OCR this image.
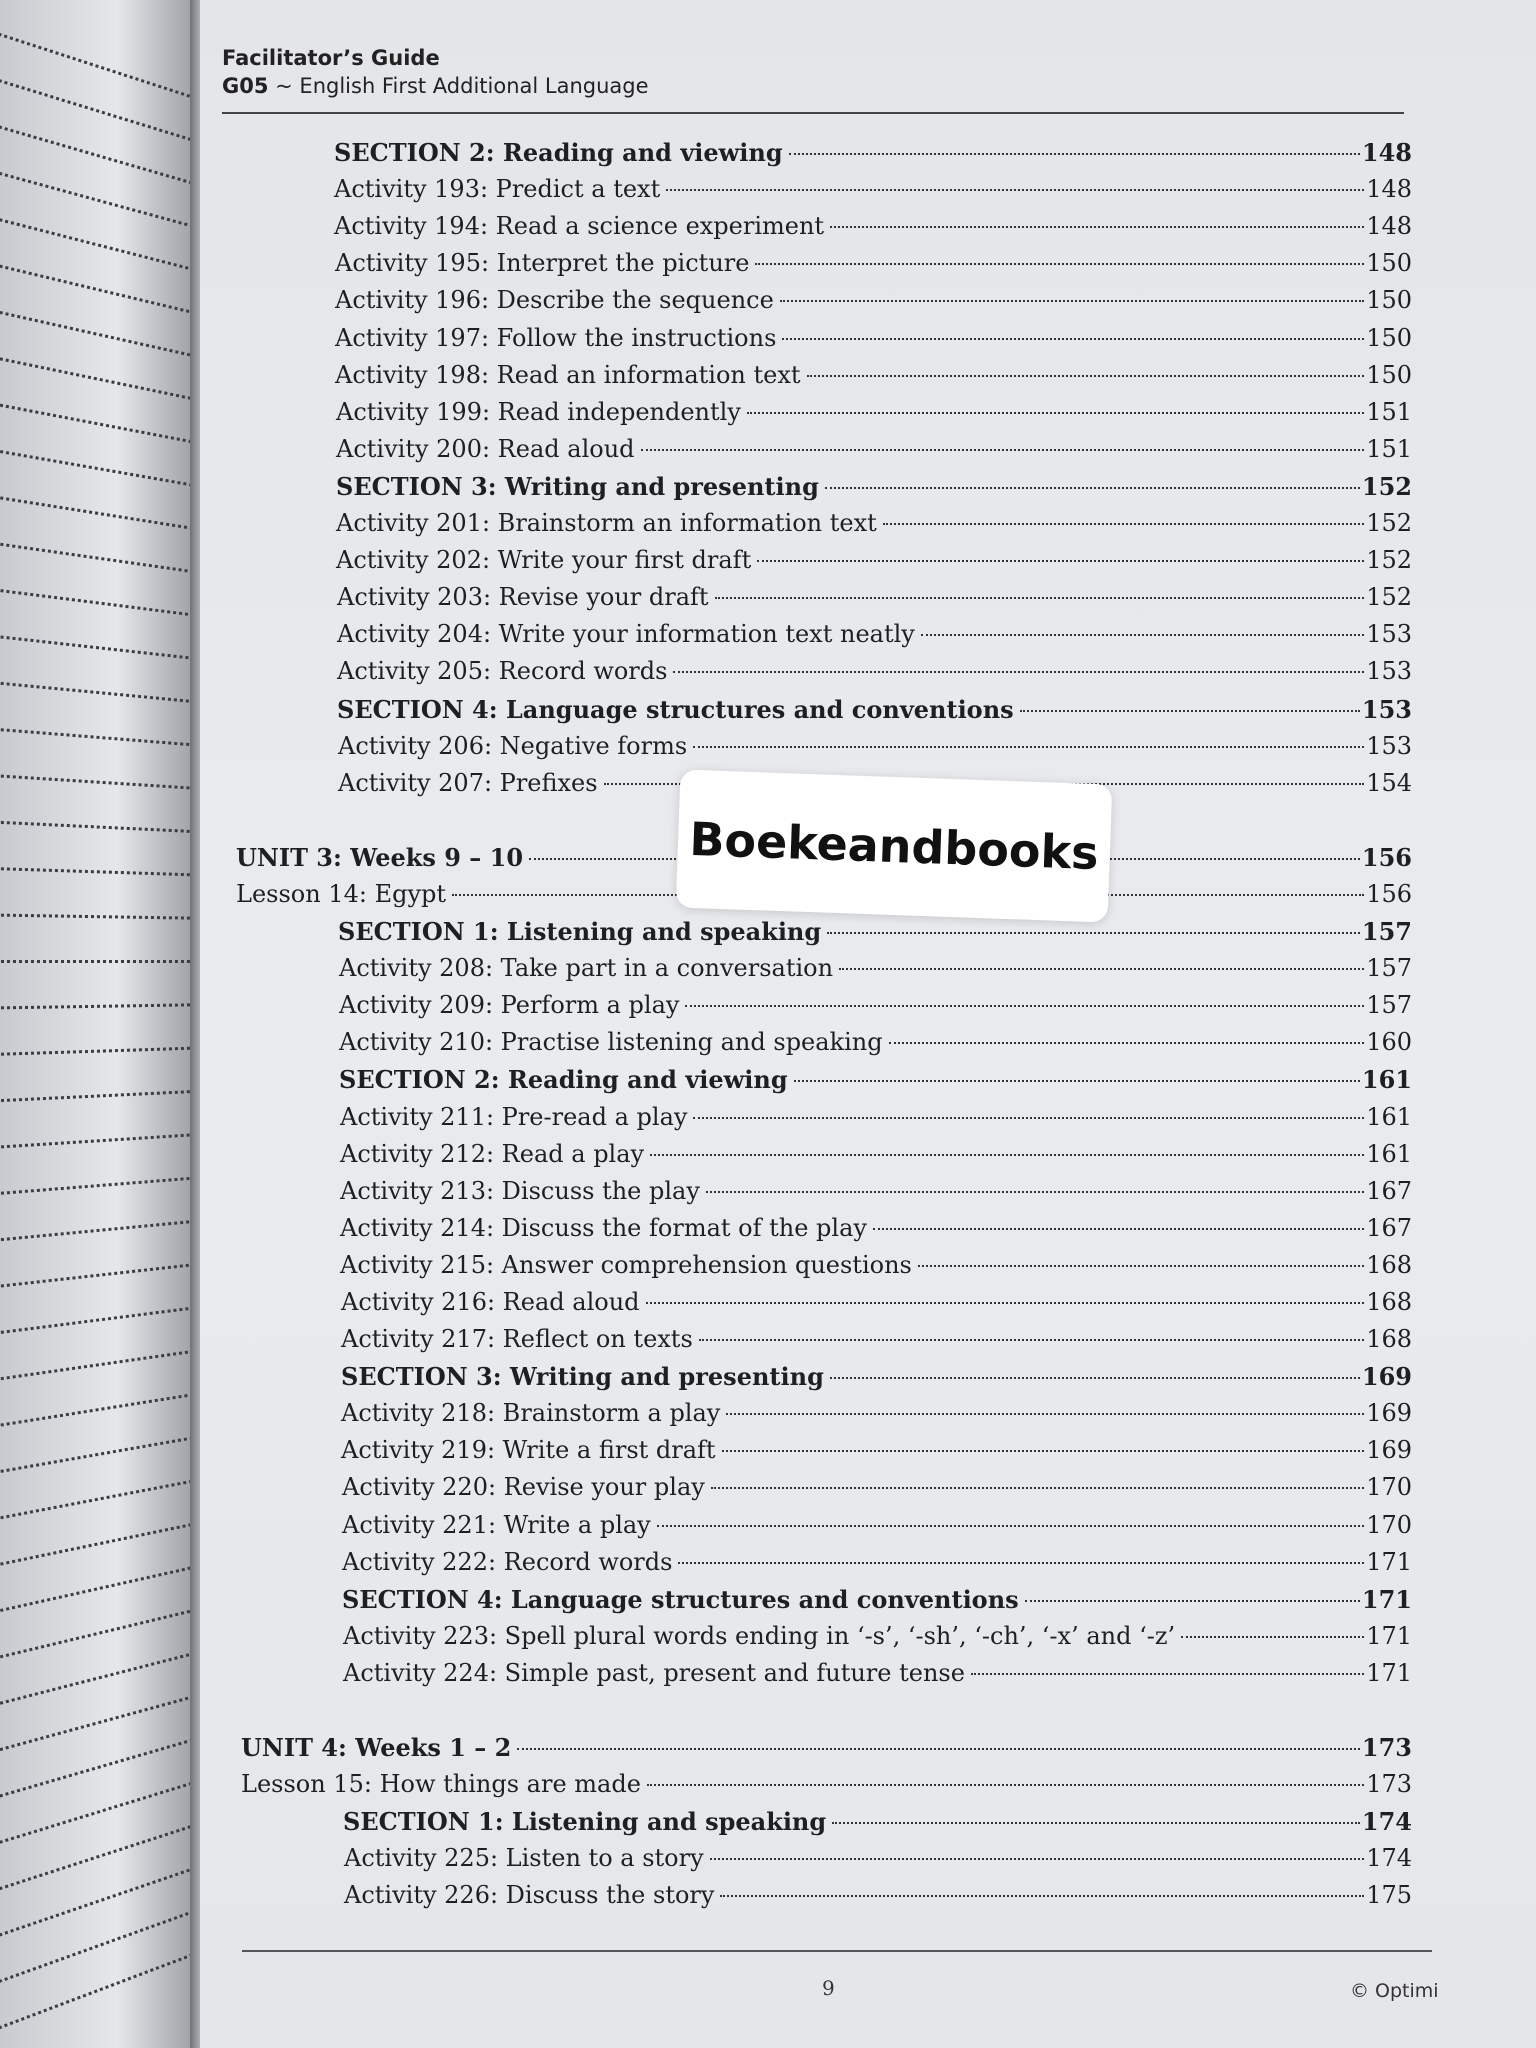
Facilitator’s Guide
G05 ~ English First Additional Language
SECTION 2: Reading and viewing	148
Activity 193: Predict a text	148
Activity 194: Read a science experiment	148
Activity 195: Interpret the picture	150
Activity 196: Describe the sequence	150
Activity 197: Follow the instructions	150
Activity 198: Read an information text	150
Activity 199: Read independently	151
Activity 200: Read aloud	151
SECTION 3: Writing and presenting	152
Activity 201: Brainstorm an information text	152
Activity 202: Write your first draft	152
Activity 203: Revise your draft	152
Activity 204: Write your information text neatly	153
Activity 205: Record words	153
SECTION 4: Language structures and conventions	153
Activity 206: Negative forms	153
Activity 207: Prefixes	154
UNIT 3: Weeks 9 – 10	156
Lesson 14: Egypt	156
SECTION 1: Listening and speaking	157
Activity 208: Take part in a conversation	157
Activity 209: Perform a play	157
Activity 210: Practise listening and speaking	160
SECTION 2: Reading and viewing	161
Activity 211: Pre-read a play	161
Activity 212: Read a play	161
Activity 213: Discuss the play	167
Activity 214: Discuss the format of the play	167
Activity 215: Answer comprehension questions	168
Activity 216: Read aloud	168
Activity 217: Reflect on texts	168
SECTION 3: Writing and presenting	169
Activity 218: Brainstorm a play	169
Activity 219: Write a first draft	169
Activity 220: Revise your play	170
Activity 221: Write a play	170
Activity 222: Record words	171
SECTION 4: Language structures and conventions	171
Activity 223: Spell plural words ending in ‘-s’, ‘-sh’, ‘-ch’, ‘-x’ and ‘-z’	171
Activity 224: Simple past, present and future tense	171
UNIT 4: Weeks 1 – 2	173
Lesson 15: How things are made	173
SECTION 1: Listening and speaking	174
Activity 225: Listen to a story	174
Activity 226: Discuss the story	175
9	© Optimi
Boekeandbooks
